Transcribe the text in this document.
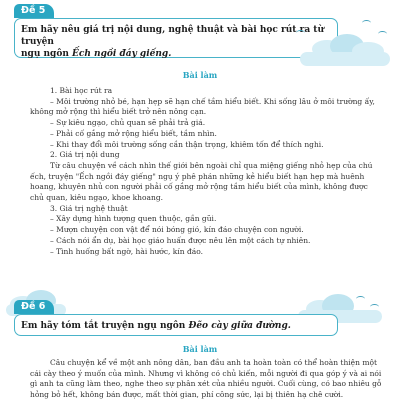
Đề 5
Em hãy nêu giá trị nội dung, nghệ thuật và bài học rút ra từ truyện
ngụ ngôn Ếch ngồi đáy giếng.
Bài làm
1. Bài học rút ra
– Môi trường nhỏ bé, hạn hẹp sẽ hạn chế tầm hiểu biết. Khi sống lâu ở môi trường ấy,
không mở rộng thì hiểu biết trở nên nông cạn.
– Sự kiêu ngạo, chủ quan sẽ phải trả giá.
– Phải cố gắng mở rộng hiểu biết, tầm nhìn.
– Khi thay đổi môi trường sống cần thận trọng, khiêm tốn để thích nghi.
2. Giá trị nội dung
Từ câu chuyện về cách nhìn thế giới bên ngoài chỉ qua miệng giếng nhỏ hẹp của chú
ếch, truyện "Ếch ngồi đáy giếng" ngụ ý phê phán những kẻ hiểu biết hạn hẹp mà huênh
hoang, khuyên nhủ con người phải cố gắng mở rộng tầm hiểu biết của mình, không được
chủ quan, kiêu ngạo, khoe khoang.
3. Giá trị nghệ thuật
– Xây dựng hình tượng quen thuộc, gần gũi.
– Mượn chuyện con vật để nói bóng gió, kín đáo chuyện con người.
– Cách nói ẩn dụ, bài học giáo huấn được nêu lên một cách tự nhiên.
– Tình huống bất ngờ, hài hước, kín đáo.
Đề 6
Em hãy tóm tắt truyện ngụ ngôn Đẽo cày giữa đường.
Bài làm
Câu chuyện kể về một anh nông dân, ban đầu anh ta hoàn toàn có thể hoàn thiện một
cái cày theo ý muốn của mình. Nhưng vì không có chủ kiến, mỗi người đi qua góp ý và ai nói
gì anh ta cũng làm theo, nghe theo sự phân xét của nhiều người. Cuối cùng, có bao nhiêu gỗ
hỏng bỏ hết, không bán được, mất thời gian, phí công sức, lại bị thiên hạ chê cười.
